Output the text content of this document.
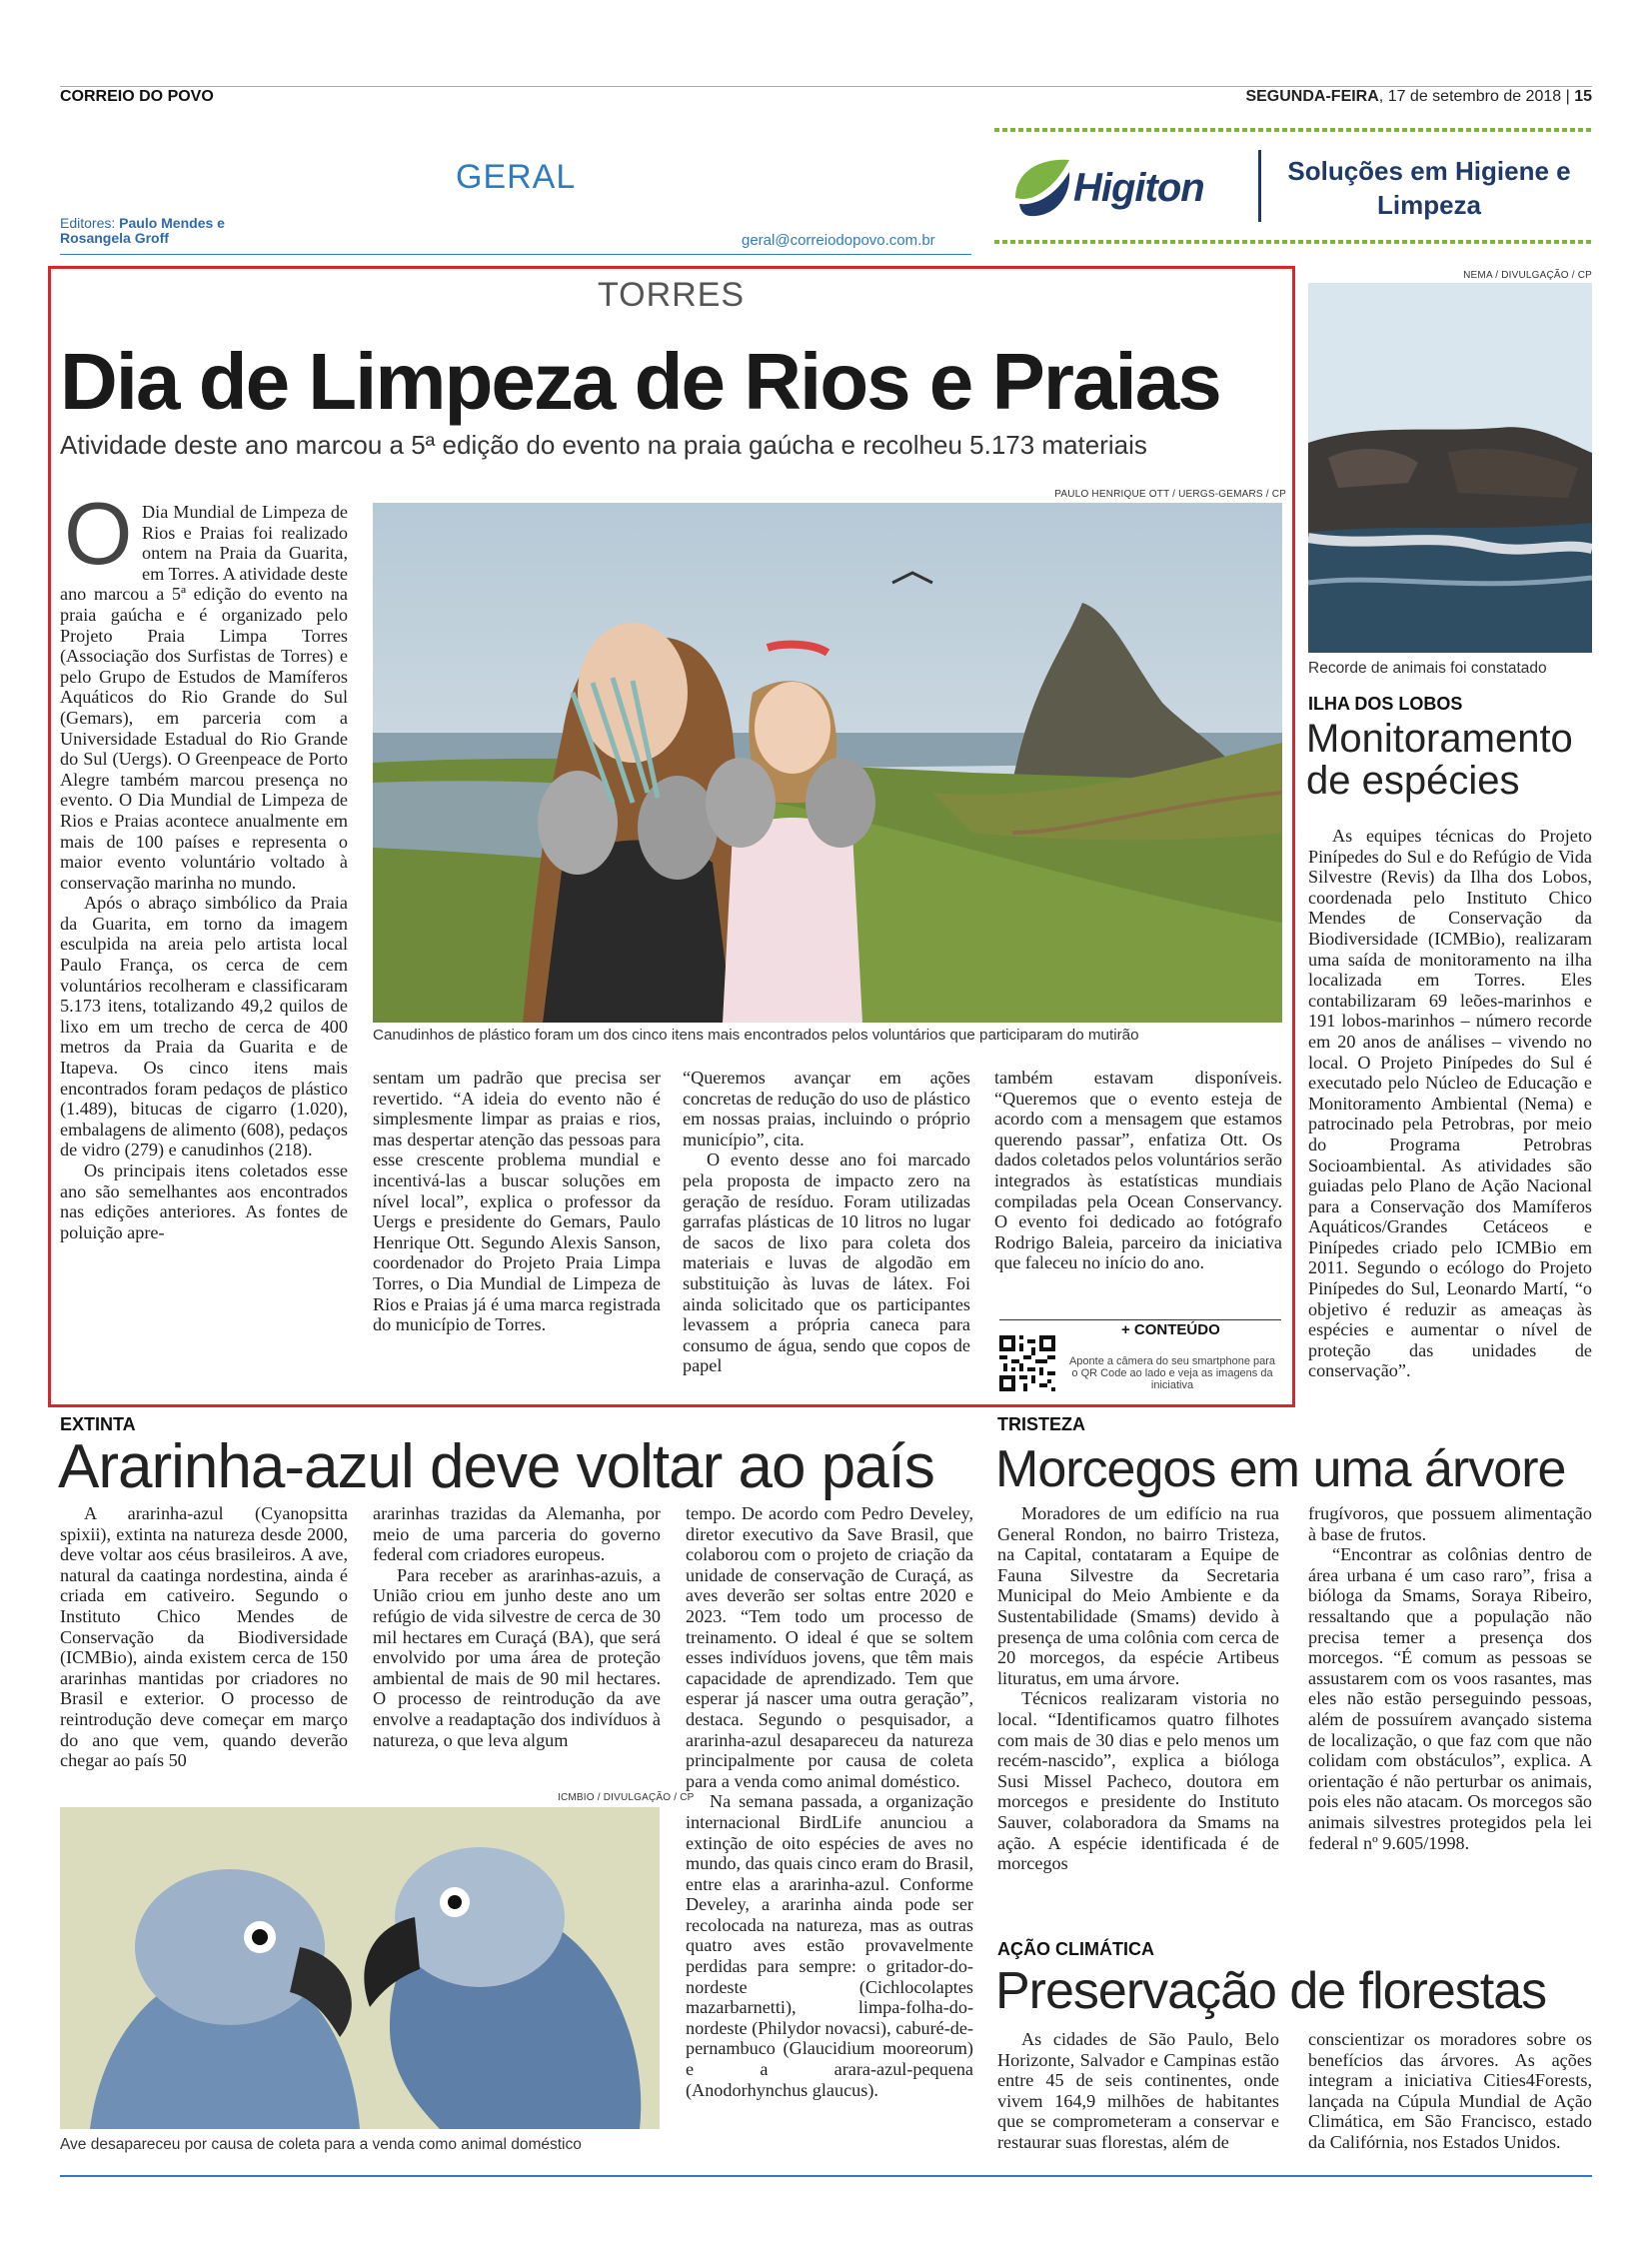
CORREIO DO POVO	SEGUNDA-FEIRA, 17 de setembro de 2018 | 15
GERAL
Editores: Paulo Mendes e
Rosangela Groff	geral@correiodopovo.com.br
Higiton	Soluções em Higiene e
Limpeza
TORRES
Dia de Limpeza de Rios e Praias
Atividade deste ano marcou a 5ª edição do evento na praia gaúcha e recolheu 5.173 materiais
PAULO HENRIQUE OTT / UERGS-GEMARS / CP
Canudinhos de plástico foram um dos cinco itens mais encontrados pelos voluntários que participaram do mutirão
O Dia Mundial de Limpeza de Rios e Praias foi realizado ontem na Praia da Guarita, em Torres. A atividade deste ano marcou a 5ª edição do evento na praia gaúcha e é organizado pelo Projeto Praia Limpa Torres (Associação dos Surfistas de Torres) e pelo Grupo de Estudos de Mamíferos Aquáticos do Rio Grande do Sul (Gemars), em parceria com a Universidade Estadual do Rio Grande do Sul (Uergs). O Greenpeace de Porto Alegre também marcou presença no evento. O Dia Mundial de Limpeza de Rios e Praias acontece anualmente em mais de 100 países e representa o maior evento voluntário voltado à conservação marinha no mundo.

Após o abraço simbólico da Praia da Guarita, em torno da imagem esculpida na areia pelo artista local Paulo França, os cerca de cem voluntários recolheram e classificaram 5.173 itens, totalizando 49,2 quilos de lixo em um trecho de cerca de 400 metros da Praia da Guarita e de Itapeva. Os cinco itens mais encontrados foram pedaços de plástico (1.489), bitucas de cigarro (1.020), embalagens de alimento (608), pedaços de vidro (279) e canudinhos (218).

Os principais itens coletados esse ano são semelhantes aos encontrados nas edições anteriores. As fontes de poluição apre-

sentam um padrão que precisa ser revertido. “A ideia do evento não é simplesmente limpar as praias e rios, mas despertar atenção das pessoas para esse crescente problema mundial e incentivá-las a buscar soluções em nível local”, explica o professor da Uergs e presidente do Gemars, Paulo Henrique Ott. Segundo Alexis Sanson, coordenador do Projeto Praia Limpa Torres, o Dia Mundial de Limpeza de Rios e Praias já é uma marca registrada do município de Torres.

“Queremos avançar em ações concretas de redução do uso de plástico em nossas praias, incluindo o próprio município”, cita.

O evento desse ano foi marcado pela proposta de impacto zero na geração de resíduo. Foram utilizadas garrafas plásticas de 10 litros no lugar de sacos de lixo para coleta dos materiais e luvas de algodão em substituição às luvas de látex. Foi ainda solicitado que os participantes levassem a própria caneca para consumo de água, sendo que copos de papel

também estavam disponíveis. “Queremos que o evento esteja de acordo com a mensagem que estamos querendo passar”, enfatiza Ott. Os dados coletados pelos voluntários serão integrados às estatísticas mundiais compiladas pela Ocean Conservancy. O evento foi dedicado ao fotógrafo Rodrigo Baleia, parceiro da iniciativa que faleceu no início do ano.

+ CONTEÚDO
Aponte a câmera do seu smartphone para o QR Code ao lado e veja as imagens da iniciativa
NEMA / DIVULGAÇÃO / CP
Recorde de animais foi constatado
ILHA DOS LOBOS
Monitoramento
de espécies

As equipes técnicas do Projeto Pinípedes do Sul e do Refúgio de Vida Silvestre (Revis) da Ilha dos Lobos, coordenada pelo Instituto Chico Mendes de Conservação da Biodiversidade (ICMBio), realizaram uma saída de monitoramento na ilha localizada em Torres. Eles contabilizaram 69 leões-marinhos e 191 lobos-marinhos – número recorde em 20 anos de análises – vivendo no local. O Projeto Pinípedes do Sul é executado pelo Núcleo de Educação e Monitoramento Ambiental (Nema) e patrocinado pela Petrobras, por meio do Programa Petrobras Socioambiental. As atividades são guiadas pelo Plano de Ação Nacional para a Conservação dos Mamíferos Aquáticos/Grandes Cetáceos e Pinípedes criado pelo ICMBio em 2011. Segundo o ecólogo do Projeto Pinípedes do Sul, Leonardo Martí, “o objetivo é reduzir as ameaças às espécies e aumentar o nível de proteção das unidades de conservação”.

EXTINTA
Ararinha-azul deve voltar ao país

A ararinha-azul (Cyanopsitta spixii), extinta na natureza desde 2000, deve voltar aos céus brasileiros. A ave, natural da caatinga nordestina, ainda é criada em cativeiro. Segundo o Instituto Chico Mendes de Conservação da Biodiversidade (ICMBio), ainda existem cerca de 150 ararinhas mantidas por criadores no Brasil e exterior. O processo de reintrodução deve começar em março do ano que vem, quando deverão chegar ao país 50

ararinhas trazidas da Alemanha, por meio de uma parceria do governo federal com criadores europeus.

Para receber as ararinhas-azuis, a União criou em junho deste ano um refúgio de vida silvestre de cerca de 30 mil hectares em Curaçá (BA), que será envolvido por uma área de proteção ambiental de mais de 90 mil hectares. O processo de reintrodução da ave envolve a readaptação dos indivíduos à natureza, o que leva algum

tempo. De acordo com Pedro Develey, diretor executivo da Save Brasil, que colaborou com o projeto de criação da unidade de conservação de Curaçá, as aves deverão ser soltas entre 2020 e 2023. “Tem todo um processo de treinamento. O ideal é que se soltem esses indivíduos jovens, que têm mais capacidade de aprendizado. Tem que esperar já nascer uma outra geração”, destaca. Segundo o pesquisador, a ararinha-azul desapareceu da natureza principalmente por causa de coleta para a venda como animal doméstico.

Na semana passada, a organização internacional BirdLife anunciou a extinção de oito espécies de aves no mundo, das quais cinco eram do Brasil, entre elas a ararinha-azul. Conforme Develey, a ararinha ainda pode ser recolocada na natureza, mas as outras quatro aves estão provavelmente perdidas para sempre: o gritador-do-nordeste (Cichlocolaptes mazarbarnetti), limpa-folha-do-nordeste (Philydor novacsi), caburé-de-pernambuco (Glaucidium mooreorum) e a arara-azul-pequena (Anodorhynchus glaucus).

ICMBIO / DIVULGAÇÃO / CP
Ave desapareceu por causa de coleta para a venda como animal doméstico
TRISTEZA
Morcegos em uma árvore

Moradores de um edifício na rua General Rondon, no bairro Tristeza, na Capital, contataram a Equipe de Fauna Silvestre da Secretaria Municipal do Meio Ambiente e da Sustentabilidade (Smams) devido à presença de uma colônia com cerca de 20 morcegos, da espécie Artibeus lituratus, em uma árvore.

Técnicos realizaram vistoria no local. “Identificamos quatro filhotes com mais de 30 dias e pelo menos um recém-nascido”, explica a bióloga Susi Missel Pacheco, doutora em morcegos e presidente do Instituto Sauver, colaboradora da Smams na ação. A espécie identificada é de morcegos

frugívoros, que possuem alimentação à base de frutos.

“Encontrar as colônias dentro de área urbana é um caso raro”, frisa a bióloga da Smams, Soraya Ribeiro, ressaltando que a população não precisa temer a presença dos morcegos. “É comum as pessoas se assustarem com os voos rasantes, mas eles não estão perseguindo pessoas, além de possuírem avançado sistema de localização, o que faz com que não colidam com obstáculos”, explica. A orientação é não perturbar os animais, pois eles não atacam. Os morcegos são animais silvestres protegidos pela lei federal nº 9.605/1998.

AÇÃO CLIMÁTICA
Preservação de florestas

As cidades de São Paulo, Belo Horizonte, Salvador e Campinas estão entre 45 de seis continentes, onde vivem 164,9 milhões de habitantes que se comprometeram a conservar e restaurar suas florestas, além de

conscientizar os moradores sobre os benefícios das árvores. As ações integram a iniciativa Cities4Forests, lançada na Cúpula Mundial de Ação Climática, em São Francisco, estado da Califórnia, nos Estados Unidos.
